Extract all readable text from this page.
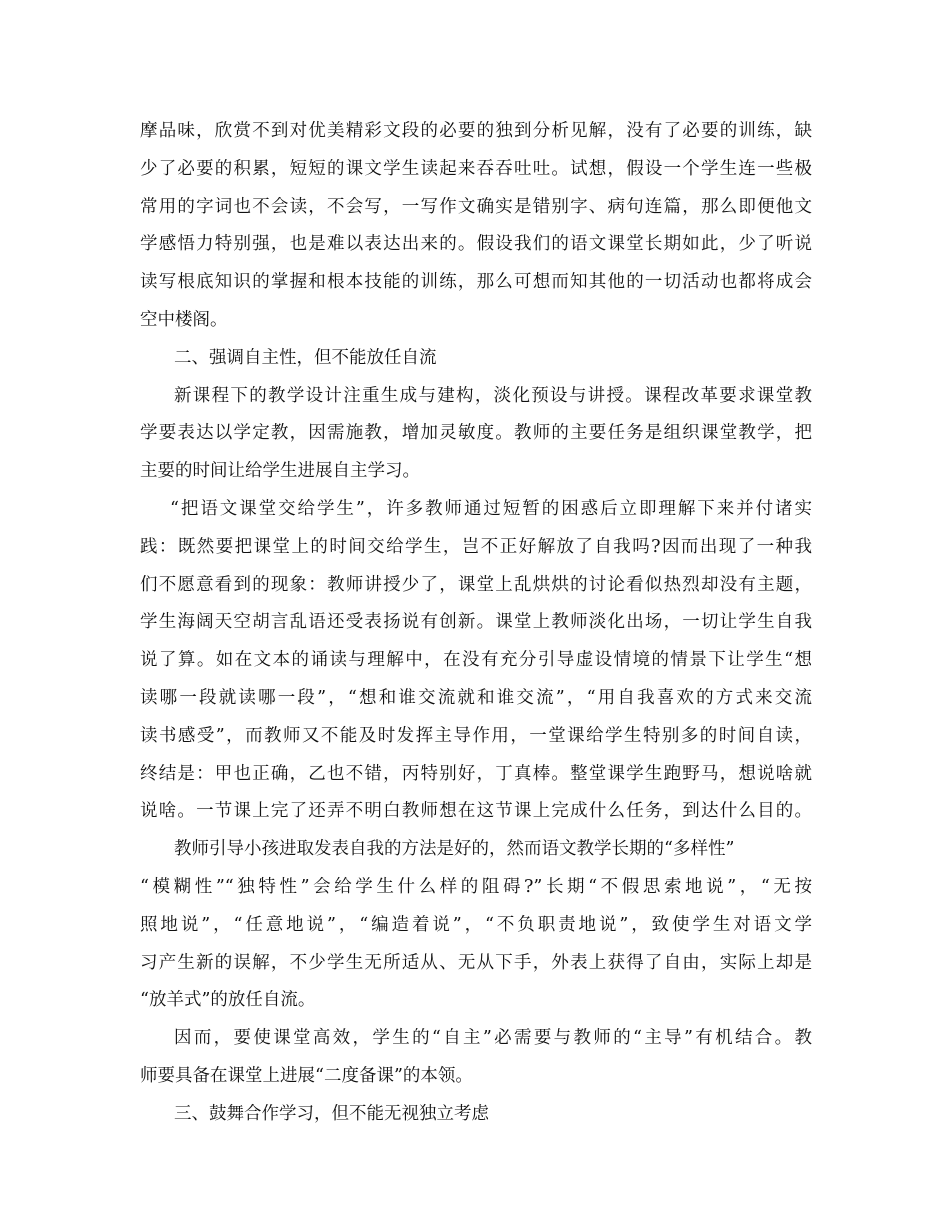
摩品味，欣赏不到对优美精彩文段的必要的独到分析见解，没有了必要的训练，缺
少了必要的积累，短短的课文学生读起来吞吞吐吐。试想，假设一个学生连一些极
常用的字词也不会读，不会写，一写作文确实是错别字、病句连篇，那么即便他文
学感悟力特别强，也是难以表达出来的。假设我们的语文课堂长期如此，少了听说
读写根底知识的掌握和根本技能的训练，那么可想而知其他的一切活动也都将成会
空中楼阁。
二、强调自主性，但不能放任自流
新课程下的教学设计注重生成与建构，淡化预设与讲授。课程改革要求课堂教
学要表达以学定教，因需施教，增加灵敏度。教师的主要任务是组织课堂教学，把
主要的时间让给学生进展自主学习。
“把语文课堂交给学生”，许多教师通过短暂的困惑后立即理解下来并付诸实
践：既然要把课堂上的时间交给学生，岂不正好解放了自我吗?因而出现了一种我
们不愿意看到的现象：教师讲授少了，课堂上乱烘烘的讨论看似热烈却没有主题，
学生海阔天空胡言乱语还受表扬说有创新。课堂上教师淡化出场，一切让学生自我
说了算。如在文本的诵读与理解中，在没有充分引导虚设情境的情景下让学生“想
读哪一段就读哪一段”，“想和谁交流就和谁交流”，“用自我喜欢的方式来交流
读书感受”，而教师又不能及时发挥主导作用，一堂课给学生特别多的时间自读，
终结是：甲也正确，乙也不错，丙特别好，丁真棒。整堂课学生跑野马，想说啥就
说啥。一节课上完了还弄不明白教师想在这节课上完成什么任务，到达什么目的。
教师引导小孩进取发表自我的方法是好的，然而语文教学长期的“多样性”
“模糊性”“独特性”会给学生什么样的阻碍?”长期“不假思索地说”，“无按
照地说”，“任意地说”，“编造着说”，“不负职责地说”，致使学生对语文学
习产生新的误解，不少学生无所适从、无从下手，外表上获得了自由，实际上却是
“放羊式”的放任自流。
因而，要使课堂高效，学生的“自主”必需要与教师的“主导”有机结合。教
师要具备在课堂上进展“二度备课”的本领。
三、鼓舞合作学习，但不能无视独立考虑
